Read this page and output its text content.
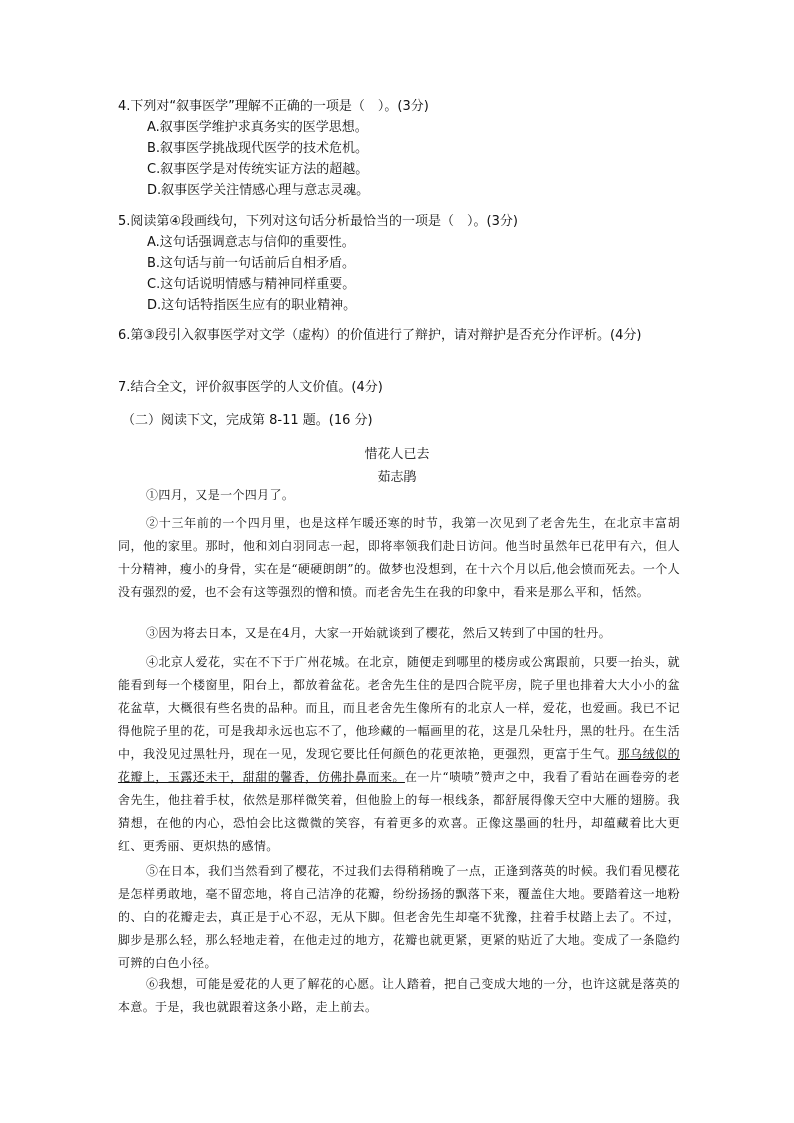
4.下列对“叙事医学”理解不正确的一项是（　）。(3分)
A.叙事医学维护求真务实的医学思想。
B.叙事医学挑战现代医学的技术危机。
C.叙事医学是对传统实证方法的超越。
D.叙事医学关注情感心理与意志灵魂。
5.阅读第④段画线句，下列对这句话分析最恰当的一项是（　）。(3分)
A.这句话强调意志与信仰的重要性。
B.这句话与前一句话前后自相矛盾。
C.这句话说明情感与精神同样重要。
D.这句话特指医生应有的职业精神。
6.第③段引入叙事医学对文学（虚构）的价值进行了辩护，请对辩护是否充分作评析。(4分)
7.结合全文，评价叙事医学的人文价值。(4分)
（二）阅读下文，完成第 8-11 题。(16 分)
惜花人已去
茹志鹃
①四月，又是一个四月了。
②十三年前的一个四月里，也是这样乍暖还寒的时节，我第一次见到了老舍先生，在北京丰富胡同，他的家里。那时，他和刘白羽同志一起，即将率领我们赴日访问。他当时虽然年已花甲有六，但人十分精神，瘦小的身骨，实在是“硬硬朗朗”的。做梦也没想到，在十六个月以后,他会愤而死去。一个人没有强烈的爱，也不会有这等强烈的憎和愤。而老舍先生在我的印象中，看来是那么平和，恬然。
③因为将去日本，又是在4月，大家一开始就谈到了樱花，然后又转到了中国的牡丹。
④北京人爱花，实在不下于广州花城。在北京，随便走到哪里的楼房或公寓跟前，只要一抬头，就能看到每一个楼窗里，阳台上，都放着盆花。老舍先生住的是四合院平房，院子里也排着大大小小的盆花盆草，大概很有些名贵的品种。而且，而且老舍先生像所有的北京人一样，爱花，也爱画。我已不记得他院子里的花，可是我却永远也忘不了，他珍藏的一幅画里的花，这是几朵牡丹，黑的牡丹。在生活中，我没见过黑牡丹，现在一见，发现它要比任何颜色的花更浓艳，更强烈，更富于生气。那乌绒似的花瓣上，玉露还未干，甜甜的馨香，仿佛扑鼻而来。在一片“啧啧”赞声之中，我看了看站在画卷旁的老舍先生，他拄着手杖，依然是那样微笑着，但他脸上的每一根线条，都舒展得像天空中大雁的翅膀。我猜想，在他的内心，恐怕会比这微微的笑容，有着更多的欢喜。正像这墨画的牡丹，却蕴藏着比大更红、更秀丽、更炽热的感情。
⑤在日本，我们当然看到了樱花，不过我们去得稍稍晚了一点，正逢到落英的时候。我们看见樱花是怎样勇敢地，毫不留恋地，将自己洁净的花瓣，纷纷扬扬的飘落下来，覆盖住大地。要踏着这一地粉的、白的花瓣走去，真正是于心不忍，无从下脚。但老舍先生却毫不犹豫，拄着手杖踏上去了。不过，脚步是那么轻，那么轻地走着，在他走过的地方，花瓣也就更紧，更紧的贴近了大地。变成了一条隐约可辨的白色小径。
⑥我想，可能是爱花的人更了解花的心愿。让人踏着，把自己变成大地的一分，也许这就是落英的本意。于是，我也就跟着这条小路，走上前去。
